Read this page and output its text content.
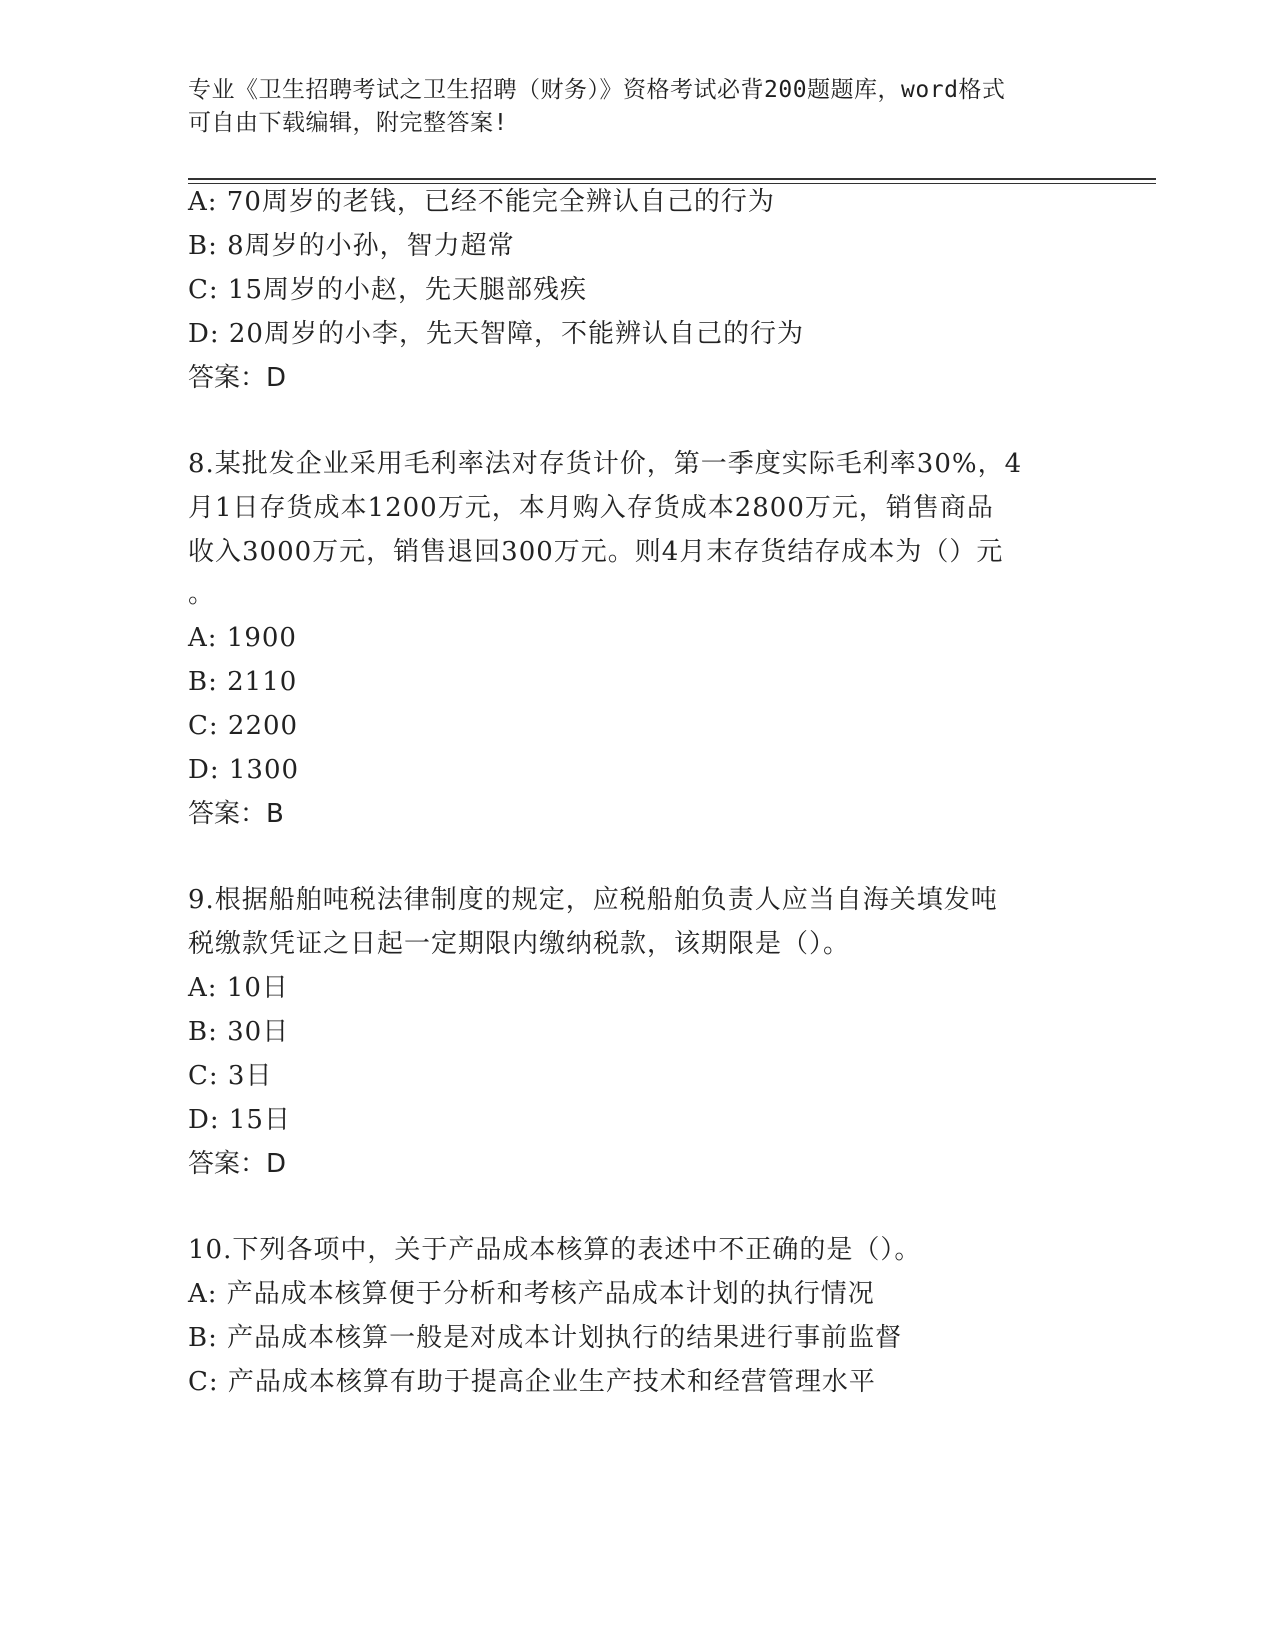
专业《卫生招聘考试之卫生招聘（财务）》资格考试必背200题题库，word格式
可自由下载编辑，附完整答案!
A: 70周岁的老钱，已经不能完全辨认自己的行为
B: 8周岁的小孙，智力超常
C: 15周岁的小赵，先天腿部残疾
D: 20周岁的小李，先天智障，不能辨认自己的行为
答案：D
8.某批发企业采用毛利率法对存货计价，第一季度实际毛利率30%，4
月1日存货成本1200万元，本月购入存货成本2800万元，销售商品
收入3000万元，销售退回300万元。则4月末存货结存成本为（）元
。
A: 1900
B: 2110
C: 2200
D: 1300
答案：B
9.根据船舶吨税法律制度的规定，应税船舶负责人应当自海关填发吨
税缴款凭证之日起一定期限内缴纳税款，该期限是（）。
A: 10日
B: 30日
C: 3日
D: 15日
答案：D
10.下列各项中，关于产品成本核算的表述中不正确的是（）。
A: 产品成本核算便于分析和考核产品成本计划的执行情况
B: 产品成本核算一般是对成本计划执行的结果进行事前监督
C: 产品成本核算有助于提高企业生产技术和经营管理水平
